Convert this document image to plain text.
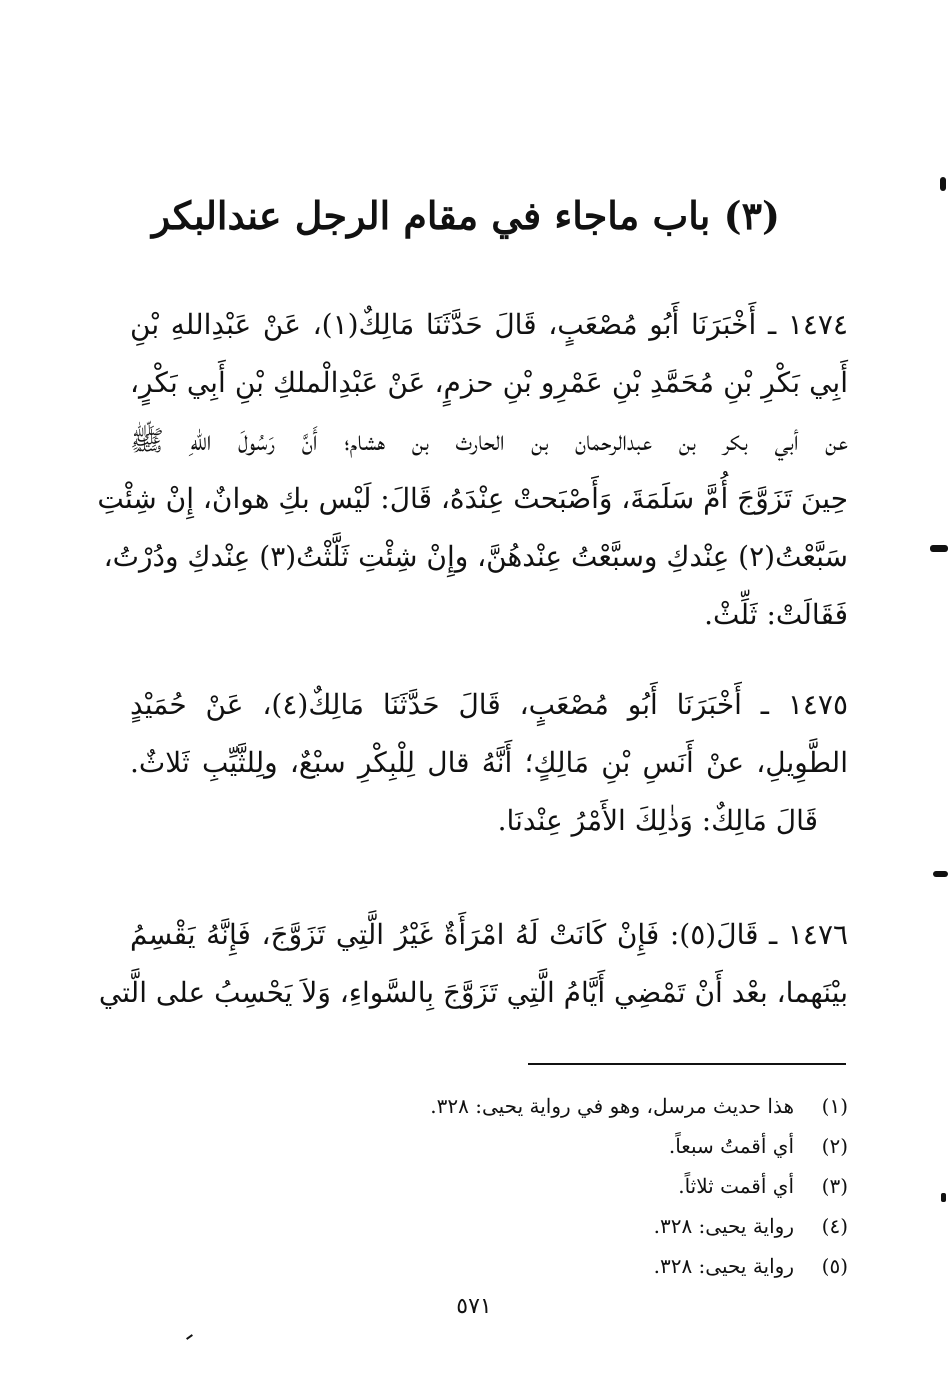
(٣) باب ماجاء في مقام الرجل عندالبكر
١٤٧٤ ـ أَخْبَرَنَا أَبُو مُصْعَبٍ، قَالَ حَدَّثَنَا مَالِكٌ(١)، عَنْ عَبْدِاللهِ بْنِ
أَبِي بَكْرِ بْنِ مُحَمَّدِ بْنِ عَمْرِو بْنِ حزمٍ، عَنْ عَبْدِالْملكِ بْنِ أَبِي بَكْرٍ،
عن أبي بكر بن عبدالرحمان بن الحارث بن هشام؛ أَنَّ رَسُولَ اللهِ ﷺ
حِينَ تَزَوَّجَ أُمَّ سَلَمَةَ، وَأَصْبَحتْ عِنْدَهُ، قَالَ: لَيْس بكِ هوانٌ، إِنْ شِئْتِ
سَبَّعْتُ(٢) عِنْدكِ وسبَّعْتُ عِنْدهُنَّ، وإِنْ شِئْتِ ثَلَّثْتُ(٣) عِنْدكِ ودُرْتُ،
فَقَالَتْ: ثَلِّثْ.
١٤٧٥ ـ أَخْبَرَنَا أَبُو مُصْعَبٍ، قَالَ حَدَّثَنَا مَالِكٌ(٤)، عَنْ حُمَيْدٍ
الطَّوِيلِ، عنْ أَنَسِ بْنِ مَالِكٍ؛ أَنَّهُ قال لِلْبِكْرِ سبْعٌ، ولِلثَّيِّبِ ثَلاثٌ.
قَالَ مَالِكٌ: وَذٰلِكَ الأَمْرُ عِنْدنَا.
١٤٧٦ ـ قَالَ(٥): فَإِنْ كَانَتْ لَهُ امْرَأَةٌ غَيْرُ الَّتِي تَزَوَّجَ، فَإِنَّهُ يَقْسِمُ
بيْنَهما، بعْد أَنْ تَمْضِي أَيَّامُ الَّتِي تَزَوَّجَ بِالسَّواءِ، وَلاَ يَحْسِبُ على الَّتي
(١)هذا حديث مرسل، وهو في رواية يحيى: ٣٢٨.
(٢)أي أقمتُ سبعاً.
(٣)أي أقمت ثلاثاً.
(٤)رواية يحيى: ٣٢٨.
(٥)رواية يحيى: ٣٢٨.
٥٧١
